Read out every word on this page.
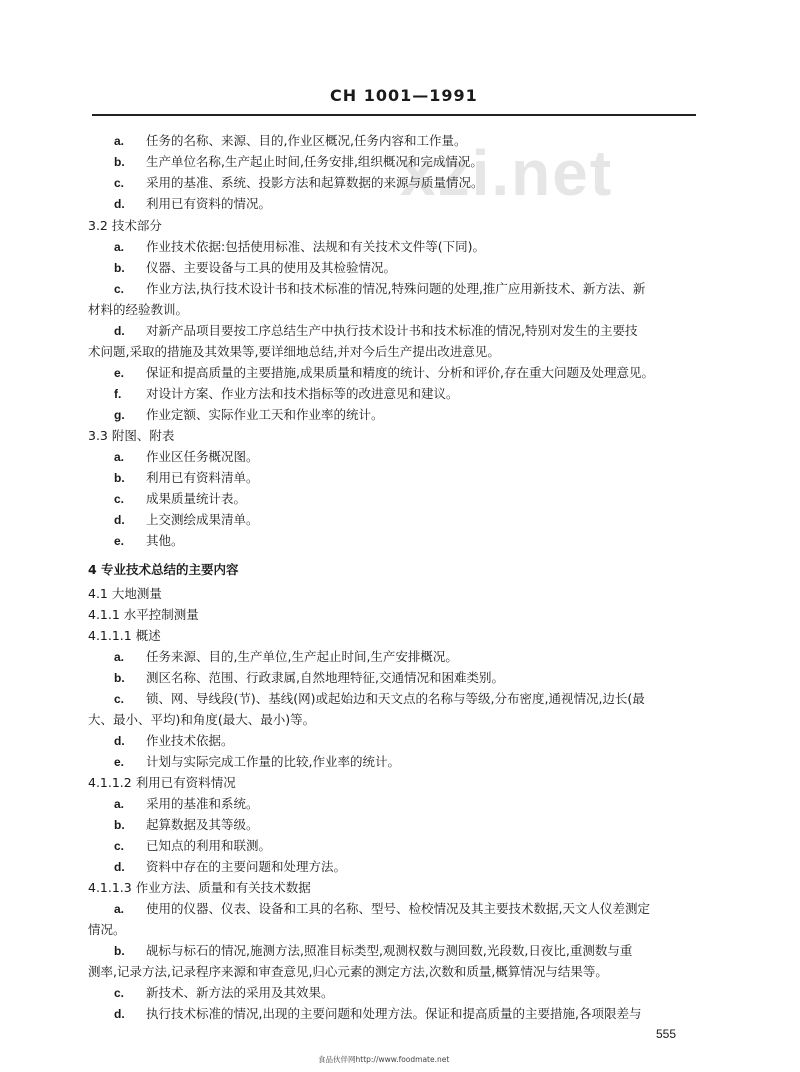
xzi.net
CH 1001—1991
a. 任务的名称、来源、目的,作业区概况,任务内容和工作量。
b. 生产单位名称,生产起止时间,任务安排,组织概况和完成情况。
c. 采用的基准、系统、投影方法和起算数据的来源与质量情况。
d. 利用已有资料的情况。
3.2 技术部分
a. 作业技术依据:包括使用标准、法规和有关技术文件等(下同)。
b. 仪器、主要设备与工具的使用及其检验情况。
c. 作业方法,执行技术设计书和技术标准的情况,特殊问题的处理,推广应用新技术、新方法、新
材料的经验教训。
d. 对新产品项目要按工序总结生产中执行技术设计书和技术标准的情况,特别对发生的主要技
术问题,采取的措施及其效果等,要详细地总结,并对今后生产提出改进意见。
e. 保证和提高质量的主要措施,成果质量和精度的统计、分析和评价,存在重大问题及处理意见。
f. 对设计方案、作业方法和技术指标等的改进意见和建议。
g. 作业定额、实际作业工天和作业率的统计。
3.3 附图、附表
a. 作业区任务概况图。
b. 利用已有资料清单。
c. 成果质量统计表。
d. 上交测绘成果清单。
e. 其他。
4 专业技术总结的主要内容
4.1 大地测量
4.1.1 水平控制测量
4.1.1.1 概述
a. 任务来源、目的,生产单位,生产起止时间,生产安排概况。
b. 测区名称、范围、行政隶属,自然地理特征,交通情况和困难类别。
c. 锁、网、导线段(节)、基线(网)或起始边和天文点的名称与等级,分布密度,通视情况,边长(最
大、最小、平均)和角度(最大、最小)等。
d. 作业技术依据。
e. 计划与实际完成工作量的比较,作业率的统计。
4.1.1.2 利用已有资料情况
a. 采用的基准和系统。
b. 起算数据及其等级。
c. 已知点的利用和联测。
d. 资料中存在的主要问题和处理方法。
4.1.1.3 作业方法、质量和有关技术数据
a. 使用的仪器、仪表、设备和工具的名称、型号、检校情况及其主要技术数据,天文人仪差测定
情况。
b. 觇标与标石的情况,施测方法,照准目标类型,观测权数与测回数,光段数,日夜比,重测数与重
测率,记录方法,记录程序来源和审查意见,归心元素的测定方法,次数和质量,概算情况与结果等。
c. 新技术、新方法的采用及其效果。
d. 执行技术标准的情况,出现的主要问题和处理方法。保证和提高质量的主要措施,各项限差与
555
食品伙伴网http://www.foodmate.net
